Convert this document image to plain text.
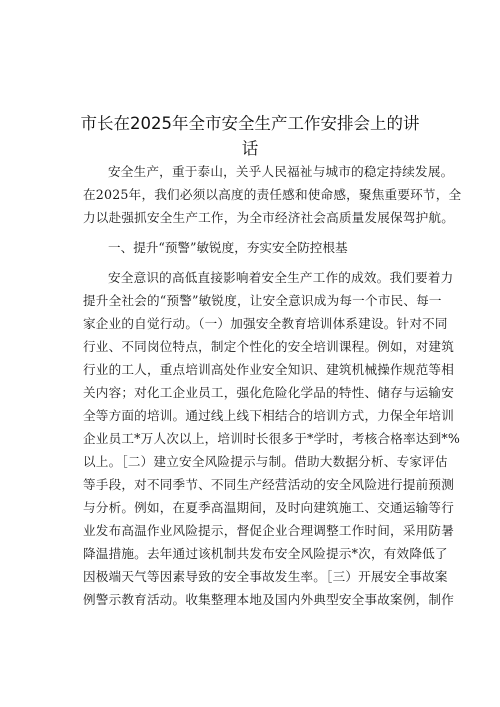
市长在2025年全市安全生产工作安排会上的讲
话
安全生产，重于泰山，关乎人民福祉与城市的稳定持续发展。
在2025年，我们必须以高度的责任感和使命感，聚焦重要环节，全
力以赴强抓安全生产工作，为全市经济社会高质量发展保驾护航。
一、提升“预警”敏锐度，夯实安全防控根基
安全意识的高低直接影响着安全生产工作的成效。我们要着力
提升全社会的“预警”敏锐度，让安全意识成为每一个市民、每一
家企业的自觉行动。（一）加强安全教育培训体系建设。针对不同
行业、不同岗位特点，制定个性化的安全培训课程。例如，对建筑
行业的工人，重点培训高处作业安全知识、建筑机械操作规范等相
关内容；对化工企业员工，强化危险化学品的特性、储存与运输安
全等方面的培训。通过线上线下相结合的培训方式，力保全年培训
企业员工*万人次以上，培训时长很多于*学时，考核合格率达到*%
以上。［二）建立安全风险提示与制。借助大数据分析、专家评估
等手段，对不同季节、不同生产经营活动的安全风险进行提前预测
与分析。例如，在夏季高温期间，及时向建筑施工、交通运输等行
业发布高温作业风险提示，督促企业合理调整工作时间，采用防暑
降温措施。去年通过该机制共发布安全风险提示*次，有效降低了
因极端天气等因素导致的安全事故发生率。［三）开展安全事故案
例警示教育活动。收集整理本地及国内外典型安全事故案例，制作
